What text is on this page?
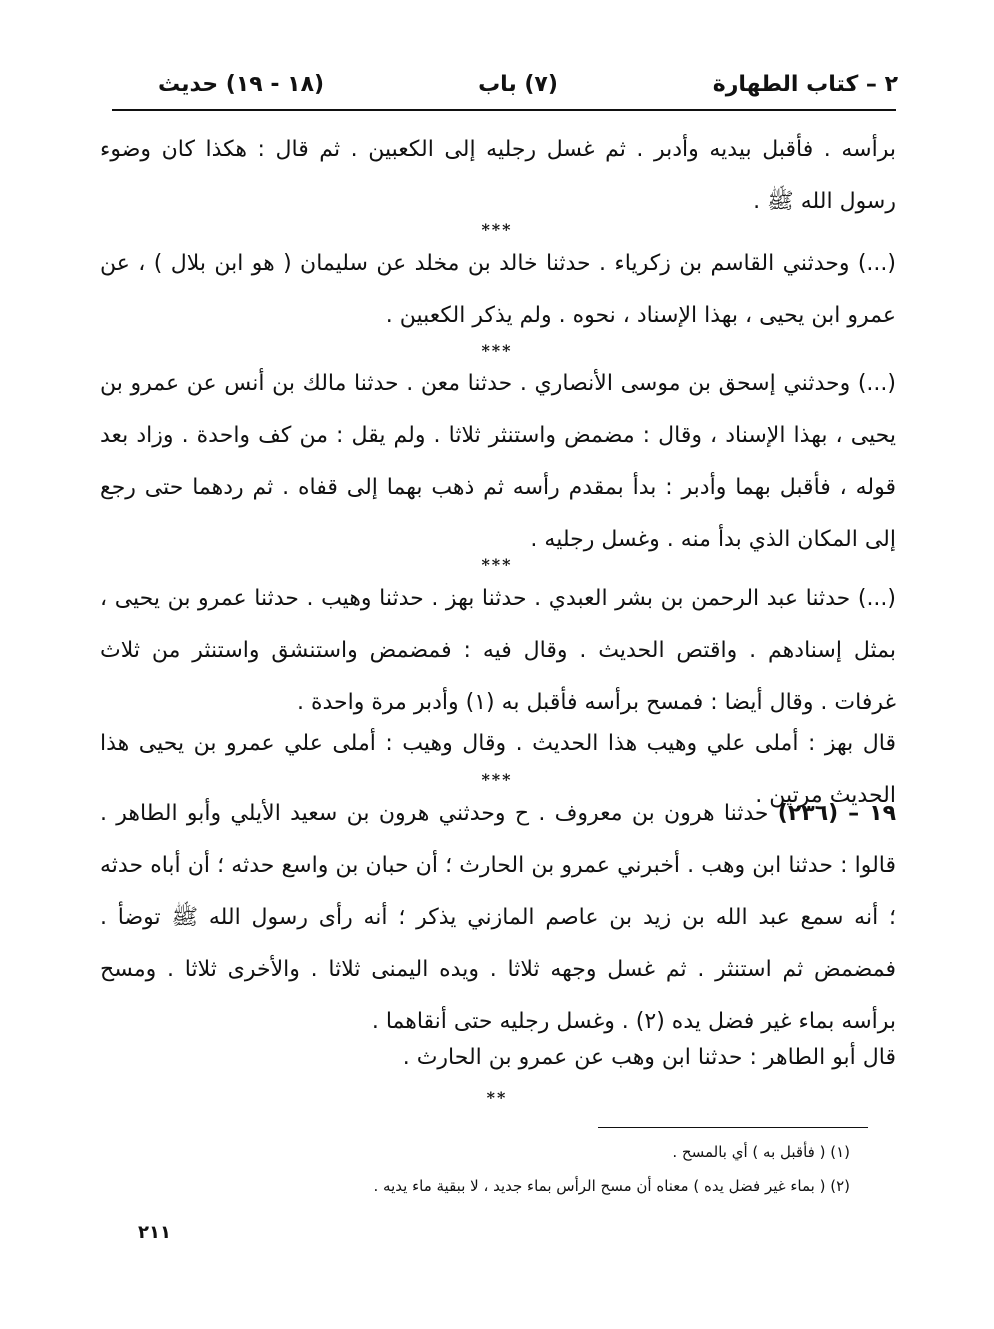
٢ – كتاب الطهارة
(٧) باب
(١٨ - ١٩) حديث

برأسه . فأقبل بيديه وأدبر . ثم غسل رجليه إلى الكعبين . ثم قال : هكذا كان وضوء رسول الله ﷺ .

***

(...) وحدثني القاسم بن زكرياء . حدثنا خالد بن مخلد عن سليمان ( هو ابن بلال ) ، عن عمرو ابن يحيى ، بهذا الإسناد ، نحوه . ولم يذكر الكعبين .

***

(...) وحدثني إسحق بن موسى الأنصاري . حدثنا معن . حدثنا مالك بن أنس عن عمرو بن يحيى ، بهذا الإسناد ، وقال : مضمض واستنثر ثلاثا . ولم يقل : من كف واحدة . وزاد بعد قوله ، فأقبل بهما وأدبر : بدأ بمقدم رأسه ثم ذهب بهما إلى قفاه . ثم ردهما حتى رجع إلى المكان الذي بدأ منه . وغسل رجليه .

***

(...) حدثنا عبد الرحمن بن بشر العبدي . حدثنا بهز . حدثنا وهيب . حدثنا عمرو بن يحيى ، بمثل إسنادهم . واقتص الحديث . وقال فيه : فمضمض واستنشق واستنثر من ثلاث غرفات . وقال أيضا : فمسح برأسه فأقبل به (١) وأدبر مرة واحدة .

قال بهز : أملى علي وهيب هذا الحديث . وقال وهيب : أملى علي عمرو بن يحيى هذا الحديث مرتين .

***

١٩ – (٢٣٦) حدثنا هرون بن معروف . ح وحدثني هرون بن سعيد الأيلي وأبو الطاهر . قالوا : حدثنا ابن وهب . أخبرني عمرو بن الحارث ؛ أن حبان بن واسع حدثه ؛ أن أباه حدثه ؛ أنه سمع عبد الله بن زيد بن عاصم المازني يذكر ؛ أنه رأى رسول الله ﷺ توضأ . فمضمض ثم استنثر . ثم غسل وجهه ثلاثا . ويده اليمنى ثلاثا . والأخرى ثلاثا . ومسح برأسه بماء غير فضل يده (٢) . وغسل رجليه حتى أنقاهما .

قال أبو الطاهر : حدثنا ابن وهب عن عمرو بن الحارث .

**

(١) ( فأقبل به ) أي بالمسح .

(٢) ( بماء غير فضل يده ) معناه أن مسح الرأس بماء جديد ، لا ببقية ماء يديه .

٢١١
